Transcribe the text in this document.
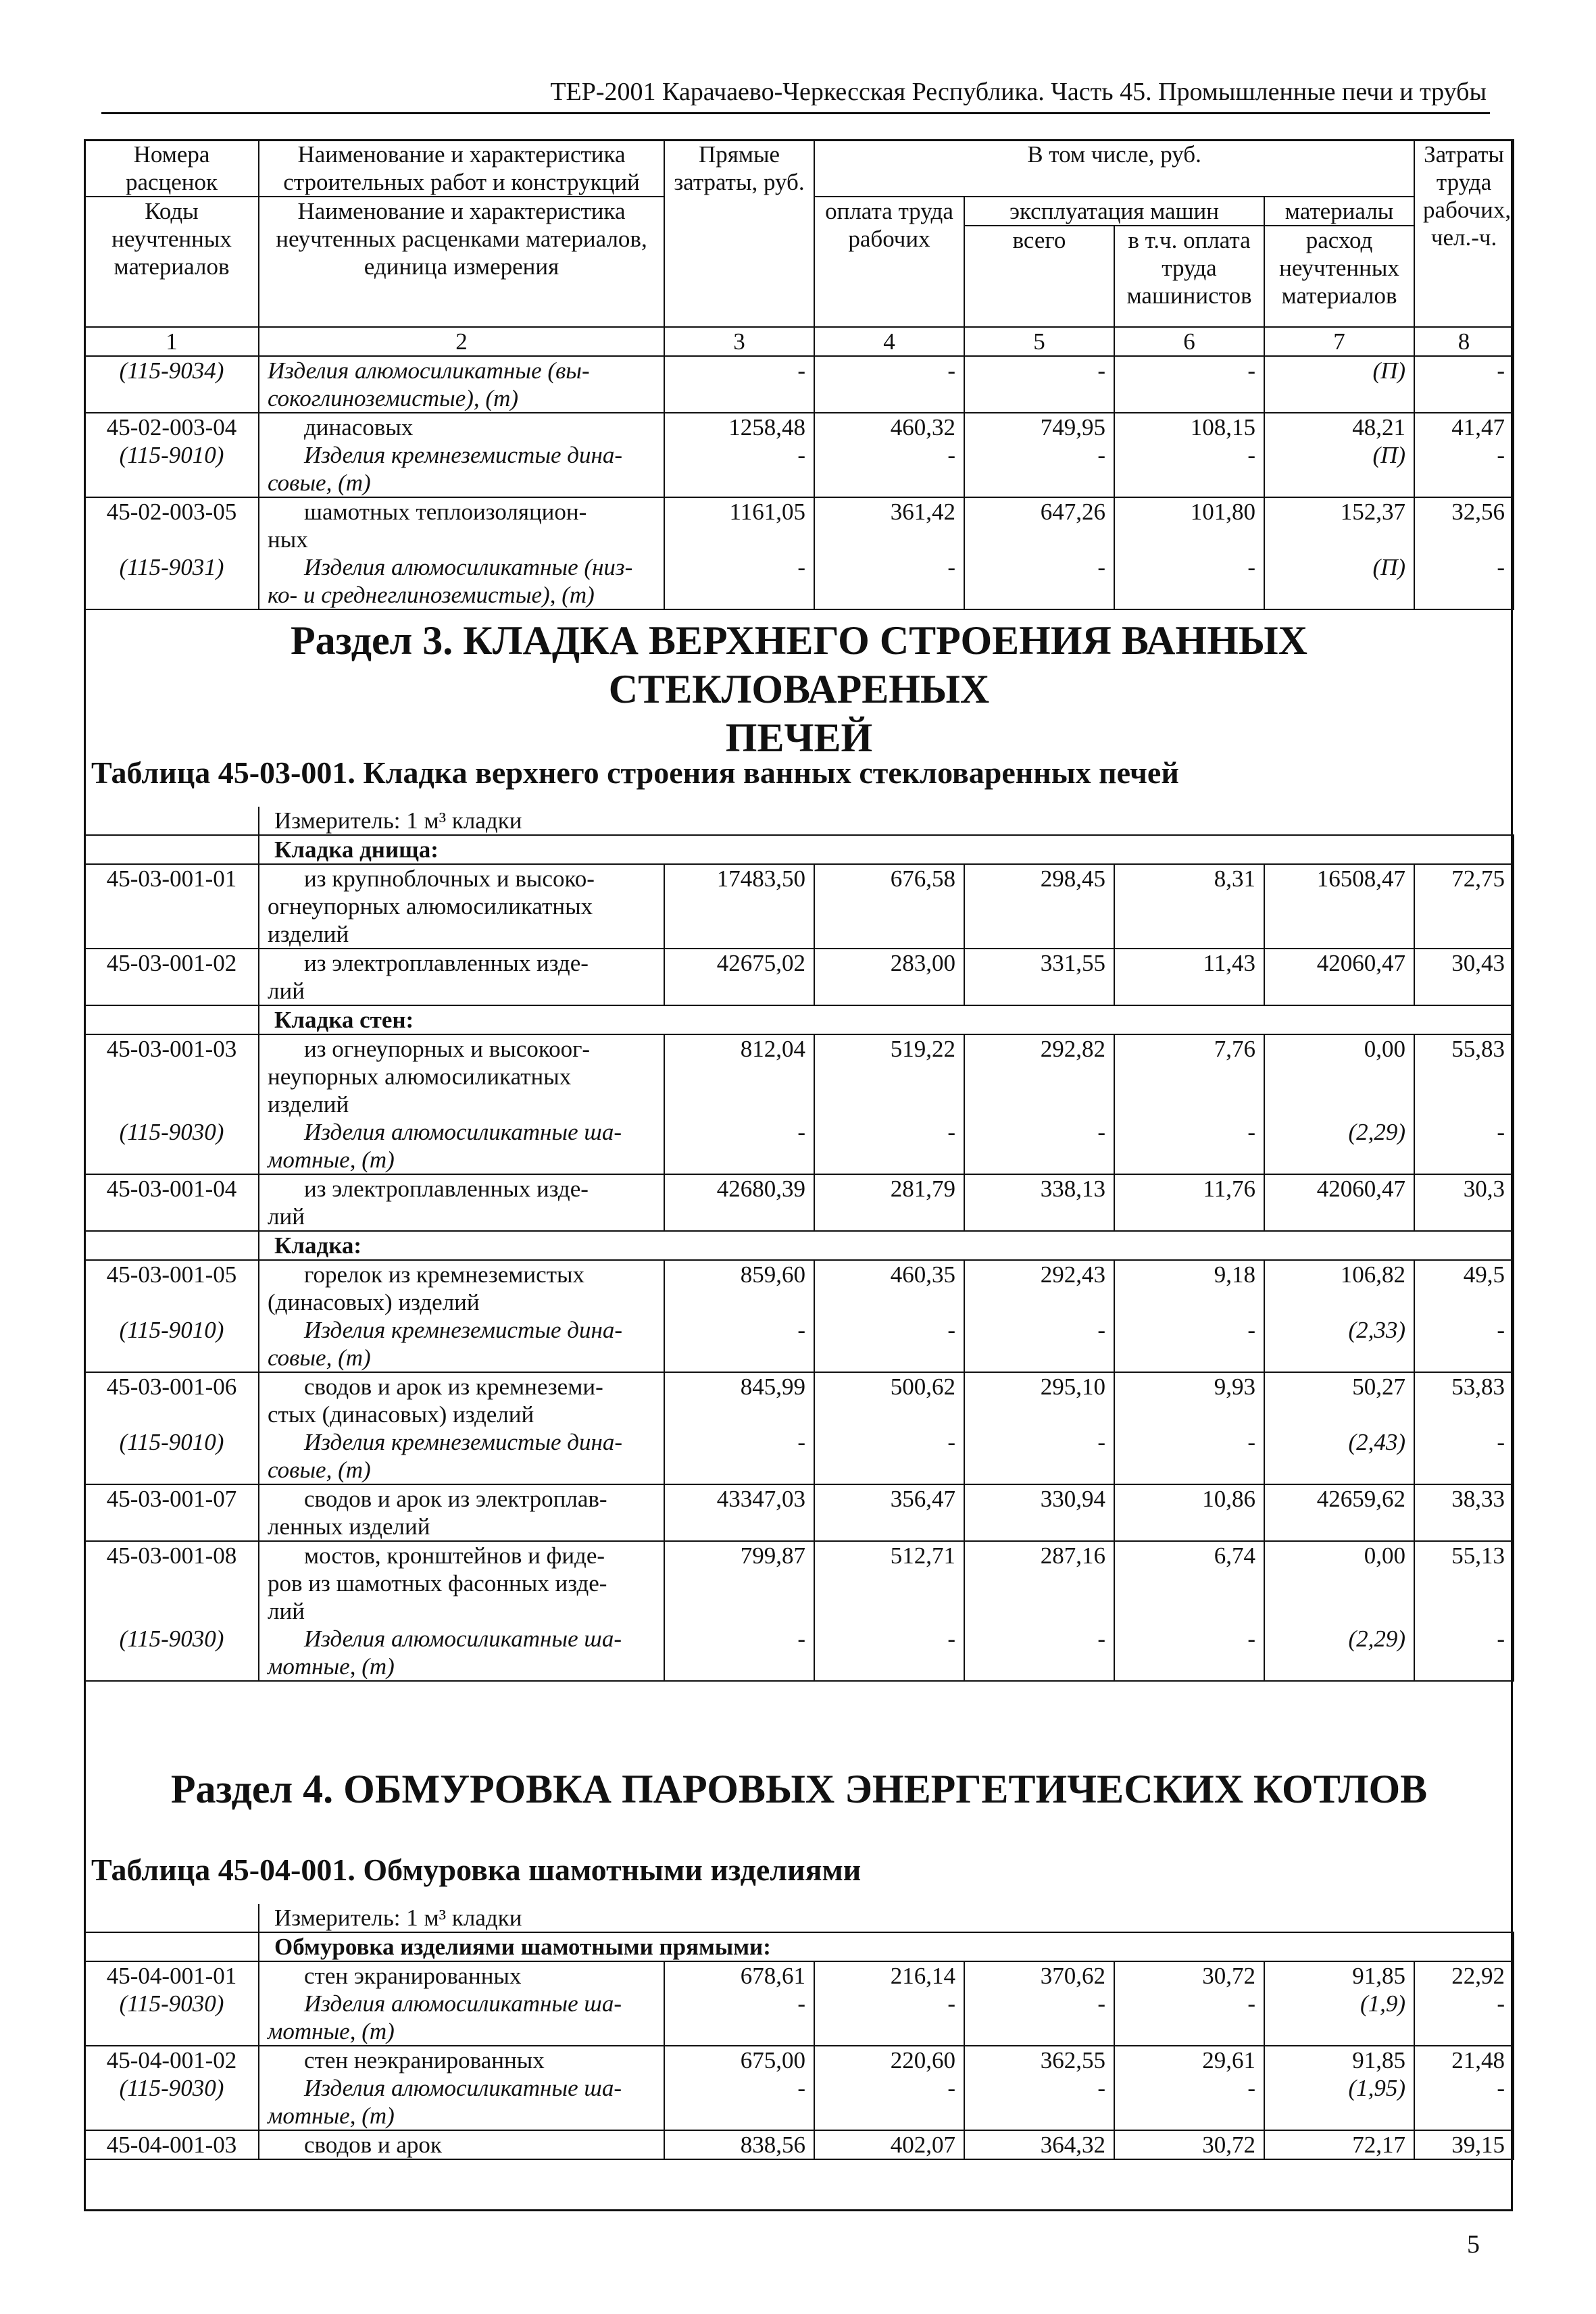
ТЕР-2001 Карачаево-Черкесская Республика. Часть 45. Промышленные печи и трубы
Номера расценок	Наименование и характеристика строительных работ и конструкций	Прямые затраты, руб.	В том числе, руб.				Затраты труда рабочих, чел.-ч.
Коды неучтенных материалов	Наименование и характеристика неучтенных расценками материалов, единица измерения		оплата труда рабочих	эксплуатация машин		материалы	
				всего	в т.ч. оплата труда машинистов	расход неучтенных материалов	
1	2	3	4	5	6	7	8
(115-9034)	Изделия алюмосиликатные (вы-
сокоглиноземистые), (т)	-	-	-	-	(П)	-
45-02-003-04	динасовых	1258,48	460,32	749,95	108,15	48,21	41,47
(115-9010)	Изделия кремнеземистые дина-
совые, (т)	-	-	-	-	(П)	-
45-02-003-05	шамотных теплоизоляцион-
ных	1161,05	361,42	647,26	101,80	152,37	32,56
(115-9031)	Изделия алюмосиликатные (низ-
ко- и среднеглиноземистые), (т)	-	-	-	-	(П)	-

Раздел 3. КЛАДКА ВЕРХНЕГО СТРОЕНИЯ ВАННЫХ СТЕКЛОВАРЕНЫХ
ПЕЧЕЙ
Таблица 45-03-001. Кладка верхнего строения ванных стекловаренных печей
	Измеритель: 1 м³ кладки						
	Кладка днища:						
45-03-001-01	из крупноблочных и высоко-
огнеупорных алюмосиликатных
изделий	17483,50	676,58	298,45	8,31	16508,47	72,75
45-03-001-02	из электроплавленных изде-
лий	42675,02	283,00	331,55	11,43	42060,47	30,43
	Кладка стен:						
45-03-001-03	из огнеупорных и высокоог-
неупорных алюмосиликатных
изделий	812,04	519,22	292,82	7,76	0,00	55,83
(115-9030)	Изделия алюмосиликатные ша-
мотные, (т)	-	-	-	-	(2,29)	-
45-03-001-04	из электроплавленных изде-
лий	42680,39	281,79	338,13	11,76	42060,47	30,3
	Кладка:						
45-03-001-05	горелок из кремнеземистых
(динасовых) изделий	859,60	460,35	292,43	9,18	106,82	49,5
(115-9010)	Изделия кремнеземистые дина-
совые, (т)	-	-	-	-	(2,33)	-
45-03-001-06	сводов и арок из кремнеземи-
стых (динасовых) изделий	845,99	500,62	295,10	9,93	50,27	53,83
(115-9010)	Изделия кремнеземистые дина-
совые, (т)	-	-	-	-	(2,43)	-
45-03-001-07	сводов и арок из электроплав-
ленных изделий	43347,03	356,47	330,94	10,86	42659,62	38,33
45-03-001-08	мостов, кронштейнов и фиде-
ров из шамотных фасонных изде-
лий	799,87	512,71	287,16	6,74	0,00	55,13
(115-9030)	Изделия алюмосиликатные ша-
мотные, (т)	-	-	-	-	(2,29)	-

Раздел 4. ОБМУРОВКА ПАРОВЫХ ЭНЕРГЕТИЧЕСКИХ КОТЛОВ
Таблица 45-04-001. Обмуровка шамотными изделиями
	Измеритель: 1 м³ кладки						
	Обмуровка изделиями шамотными прямыми:						
45-04-001-01	стен экранированных	678,61	216,14	370,62	30,72	91,85	22,92
(115-9030)	Изделия алюмосиликатные ша-
мотные, (т)	-	-	-	-	(1,9)	-
45-04-001-02	стен неэкранированных	675,00	220,60	362,55	29,61	91,85	21,48
(115-9030)	Изделия алюмосиликатные ша-
мотные, (т)	-	-	-	-	(1,95)	-
45-04-001-03	сводов и арок	838,56	402,07	364,32	30,72	72,17	39,15

5
